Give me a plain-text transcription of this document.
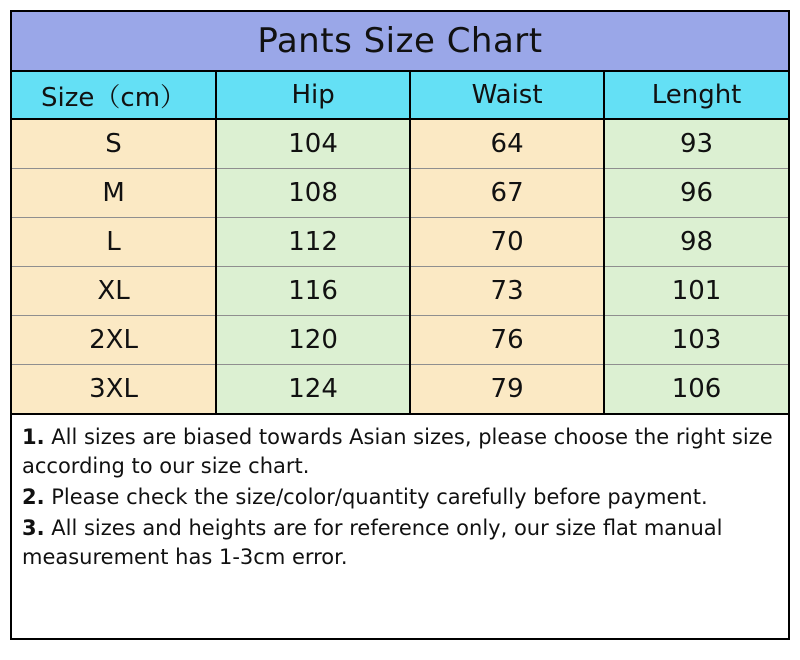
Pants Size Chart
Size（cm）	Hip	Waist	Lenght
S	104	64	93
M	108	67	96
L	112	70	98
XL	116	73	101
2XL	120	76	103
3XL	124	79	106

1. All sizes are biased towards Asian sizes, please choose the right size according to our size chart.

2. Please check the size/color/quantity carefully before payment.

3. All sizes and heights are for reference only, our size flat manual measurement has 1-3cm error.
